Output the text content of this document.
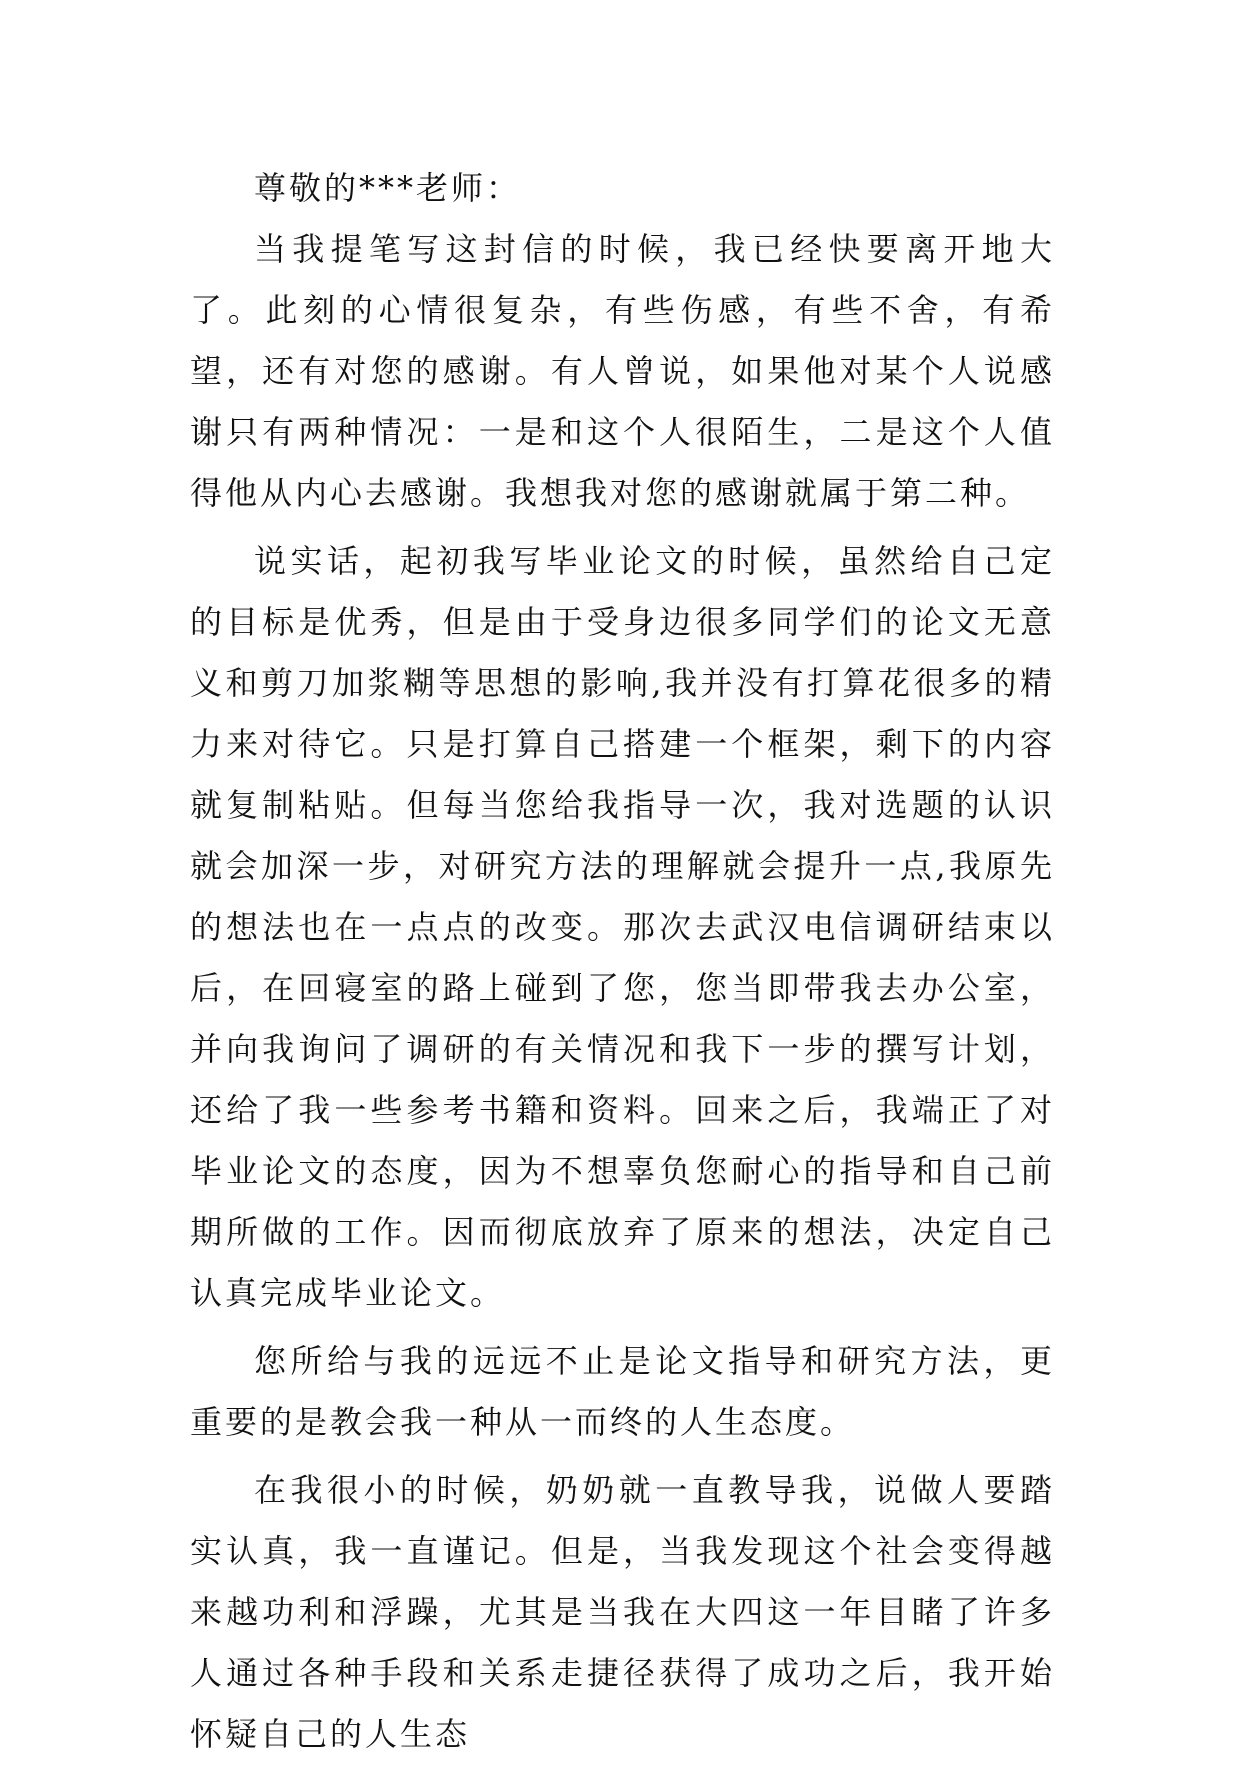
尊敬的***老师：

当我提笔写这封信的时候，我已经快要离开地大了。此刻的心情很复杂，有些伤感，有些不舍，有希望，还有对您的感谢。有人曾说，如果他对某个人说感谢只有两种情况：一是和这个人很陌生，二是这个人值得他从内心去感谢。我想我对您的感谢就属于第二种。

说实话，起初我写毕业论文的时候，虽然给自己定的目标是优秀，但是由于受身边很多同学们的论文无意义和剪刀加浆糊等思想的影响,我并没有打算花很多的精力来对待它。只是打算自己搭建一个框架，剩下的内容就复制粘贴。但每当您给我指导一次，我对选题的认识就会加深一步，对研究方法的理解就会提升一点,我原先的想法也在一点点的改变。那次去武汉电信调研结束以后，在回寝室的路上碰到了您，您当即带我去办公室，并向我询问了调研的有关情况和我下一步的撰写计划，还给了我一些参考书籍和资料。回来之后，我端正了对毕业论文的态度，因为不想辜负您耐心的指导和自己前期所做的工作。因而彻底放弃了原来的想法，决定自己认真完成毕业论文。

您所给与我的远远不止是论文指导和研究方法，更重要的是教会我一种从一而终的人生态度。

在我很小的时候，奶奶就一直教导我，说做人要踏实认真，我一直谨记。但是，当我发现这个社会变得越来越功利和浮躁，尤其是当我在大四这一年目睹了许多人通过各种手段和关系走捷径获得了成功之后，我开始怀疑自己的人生态
